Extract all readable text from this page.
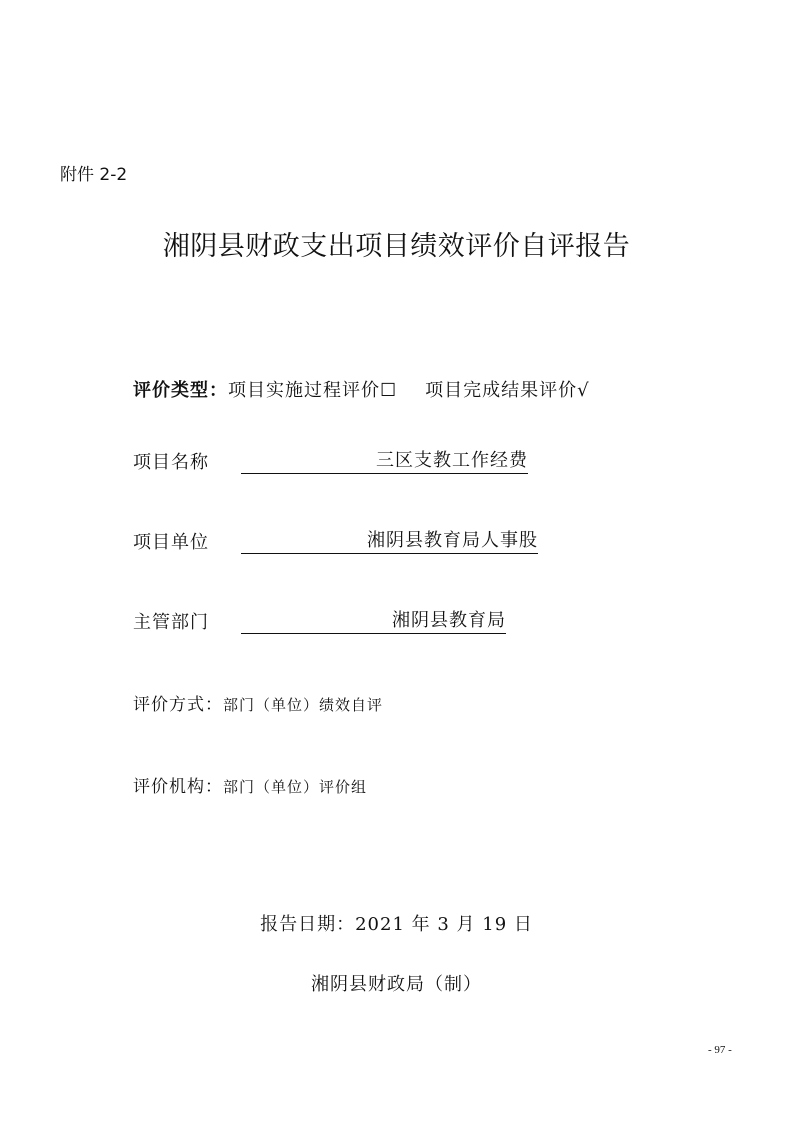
附件 2-2
湘阴县财政支出项目绩效评价自评报告
评价类型：项目实施过程评价☐ 项目完成结果评价√
项目名称	三区支教工作经费
项目单位	湘阴县教育局人事股
主管部门	湘阴县教育局
评价方式：部门（单位）绩效自评
评价机构：部门（单位）评价组
报告日期：2021 年 3 月 19 日
湘阴县财政局（制）
- 97 -
